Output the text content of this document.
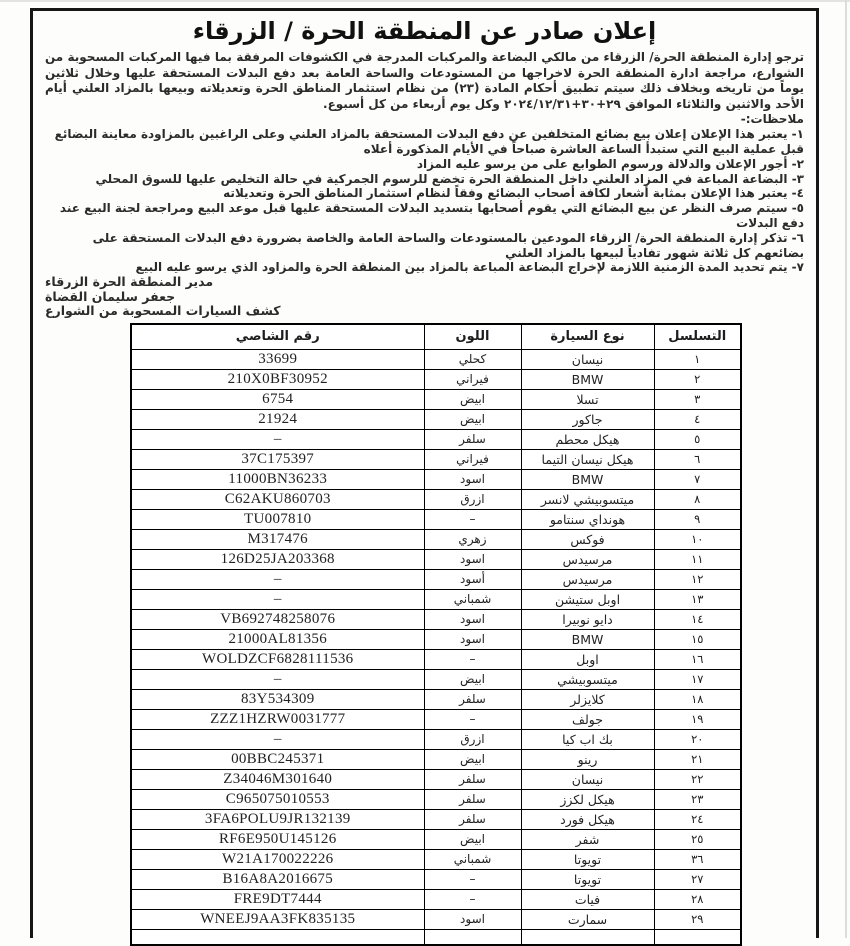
إعلان صادر عن المنطقة الحرة / الزرقاء

ترجو إدارة المنطقة الحرة/ الزرقاء من مالكي البضاعة والمركبات المدرجة في الكشوفات المرفقة بما فيها المركبات المسحوبة من الشوارع، مراجعة ادارة المنطقة الحرة لاخراجها من المستودعات والساحة العامة بعد دفع البدلات المستحقة عليها وخلال ثلاثين يوماً من تاريخه وبخلاف ذلك سيتم تطبيق أحكام المادة (٢٣) من نظام استثمار المناطق الحرة وتعديلاته وبيعها بالمزاد العلني أيام الأحد والاثنين والثلاثاء الموافق ٢٩+٣٠+٢٠٢٤/١٢/٣١ وكل يوم أربعاء من كل أسبوع.

ملاحظات:-
١- يعتبر هذا الإعلان إعلان بيع بضائع المتخلفين عن دفع البدلات المستحقة بالمزاد العلني وعلى الراغبين بالمزاودة معاينة البضائع قبل عملية البيع التي ستبدأ الساعة العاشرة صباحاً في الأيام المذكورة أعلاه
٢- أجور الإعلان والدلالة ورسوم الطوابع على من يرسو عليه المزاد
٣- البضاعة المباعة في المزاد العلني داخل المنطقة الحرة تخضع للرسوم الجمركية في حالة التخليص عليها للسوق المحلي
٤- يعتبر هذا الإعلان بمثابة أشعار لكافة أصحاب البضائع وفقاً لنظام استثمار المناطق الحرة وتعديلاته
٥- سيتم صرف النظر عن بيع البضائع التي يقوم أصحابها بتسديد البدلات المستحقة عليها قبل موعد البيع ومراجعة لجنة البيع عند دفع البدلات
٦- تذكر إدارة المنطقة الحرة/ الزرقاء المودعين بالمستودعات والساحة العامة والخاصة بضرورة دفع البدلات المستحقة على بضائعهم كل ثلاثة شهور تفادياً لبيعها بالمزاد العلني
٧- يتم تحديد المدة الزمنية اللازمة لإخراج البضاعة المباعة بالمزاد بين المنطقة الحرة والمزاود الذي يرسو عليه البيع
مدير المنطقة الحرة الزرقاء
جعفر سليمان القضاة
كشف السيارات المسحوبة من الشوارع
التسلسل	نوع السيارة	اللون	رقم الشاصي
١	نيسان	كحلي	33699
٢	BMW	فيراني	210X0BF30952
٣	تسلا	ابيض	6754
٤	جاكور	ابيض	21924
٥	هيكل محطم	سلفر	–
٦	هيكل نيسان التيما	فيراني	37C175397
٧	BMW	اسود	11000BN36233
٨	ميتسوبيشي لانسر	ازرق	C62AKU860703
٩	هونداي سنتامو	–	TU007810
١٠	فوكس	زهري	M317476
١١	مرسيدس	اسود	126D25JA203368
١٢	مرسيدس	أسود	–
١٣	اوبل ستيشن	شمباني	–
١٤	دايو نوبيرا	اسود	VB692748258076
١٥	BMW	اسود	21000AL81356
١٦	اوبل	–	WOLDZCF6828111536
١٧	ميتسوبيشي	ابيض	–
١٨	كلايزلر	سلفر	83Y534309
١٩	جولف	–	ZZZ1HZRW0031777
٢٠	بك اب كيا	ازرق	–
٢١	رينو	ابيض	00BBC245371
٢٢	نيسان	سلفر	Z34046M301640
٢٣	هيكل لكزز	سلفر	C965075010553
٢٤	هيكل فورد	سلفر	3FA6POLU9JR132139
٢٥	شفر	ابيض	RF6E950U145126
٣٦	تويوتا	شمباني	W21A170022226
٢٧	تويوتا	–	B16A8A2016675
٢٨	فيات	–	FRE9DT7444
٢٩	سمارت	اسود	WNEEJ9AA3FK835135
